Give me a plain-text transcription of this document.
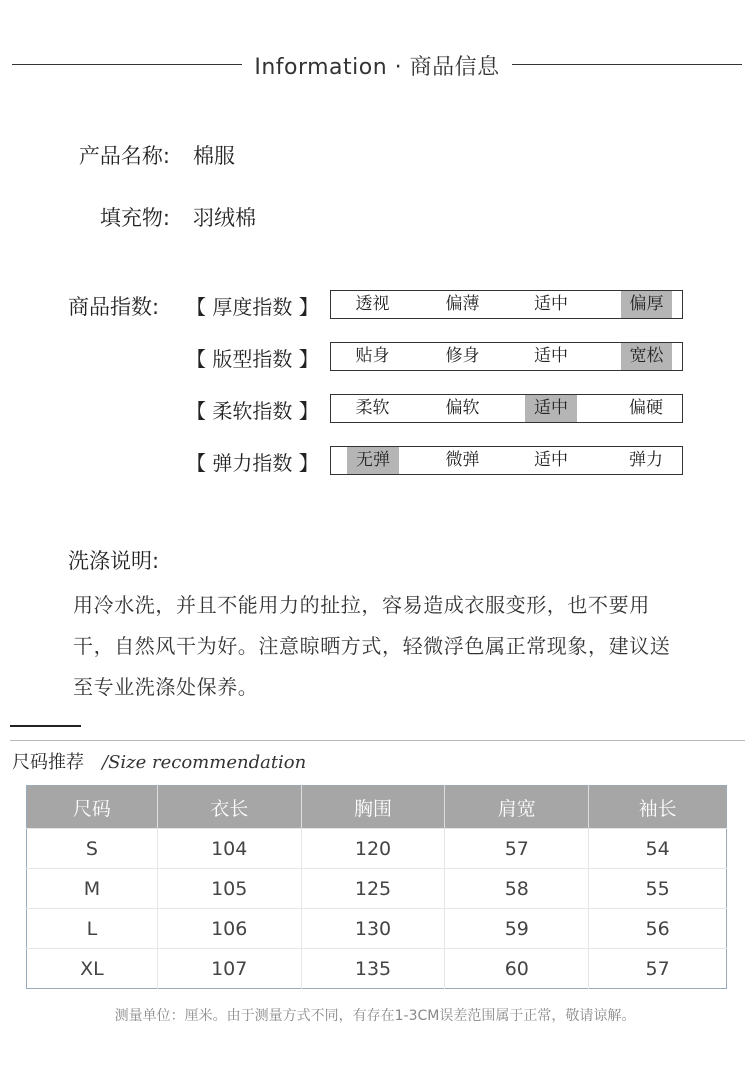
Information · 商品信息
产品名称: 棉服
填充物: 羽绒棉
商品指数: 【 厚度指数 】	透视	偏薄	适中	偏厚
【 版型指数 】	贴身	修身	适中	宽松
【 柔软指数 】	柔软	偏软	适中	偏硬
【 弹力指数 】	无弹	微弹	适中	弹力
洗涤说明:
用冷水洗，并且不能用力的扯拉，容易造成衣服变形，也不要用
干，自然风干为好。注意晾晒方式，轻微浮色属正常现象，建议送
至专业洗涤处保养。
尺码推荐 /Size recommendation
尺码	衣长	胸围	肩宽	袖长
S	104	120	57	54
M	105	125	58	55
L	106	130	59	56
XL	107	135	60	57
测量单位：厘米。由于测量方式不同，有存在1-3CM误差范围属于正常，敬请谅解。
